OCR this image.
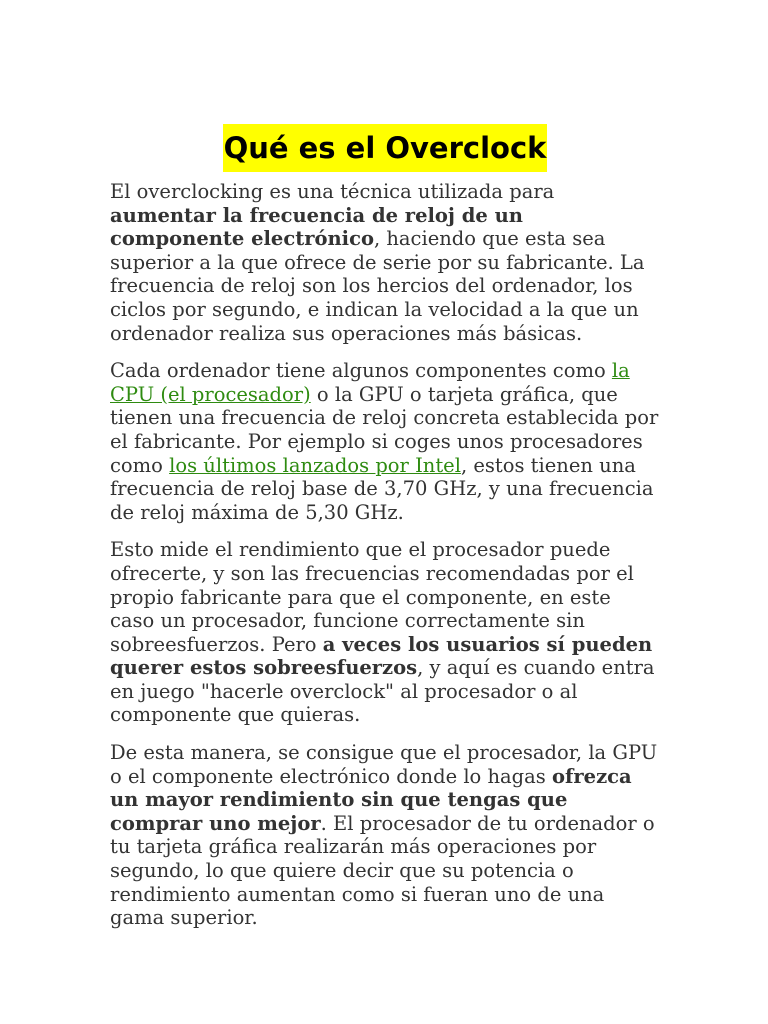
Qué es el Overclock

El overclocking es una técnica utilizada para aumentar la frecuencia de reloj de un componente electrónico, haciendo que esta sea superior a la que ofrece de serie por su fabricante. La frecuencia de reloj son los hercios del ordenador, los ciclos por segundo, e indican la velocidad a la que un ordenador realiza sus operaciones más básicas.

Cada ordenador tiene algunos componentes como la CPU (el procesador) o la GPU o tarjeta gráfica, que tienen una frecuencia de reloj concreta establecida por el fabricante. Por ejemplo si coges unos procesadores como los últimos lanzados por Intel, estos tienen una frecuencia de reloj base de 3,70 GHz, y una frecuencia de reloj máxima de 5,30 GHz.

Esto mide el rendimiento que el procesador puede ofrecerte, y son las frecuencias recomendadas por el propio fabricante para que el componente, en este caso un procesador, funcione correctamente sin sobreesfuerzos. Pero a veces los usuarios sí pueden querer estos sobreesfuerzos, y aquí es cuando entra en juego "hacerle overclock" al procesador o al componente que quieras.

De esta manera, se consigue que el procesador, la GPU o el componente electrónico donde lo hagas ofrezca un mayor rendimiento sin que tengas que comprar uno mejor. El procesador de tu ordenador o tu tarjeta gráfica realizarán más operaciones por segundo, lo que quiere decir que su potencia o rendimiento aumentan como si fueran uno de una gama superior.
